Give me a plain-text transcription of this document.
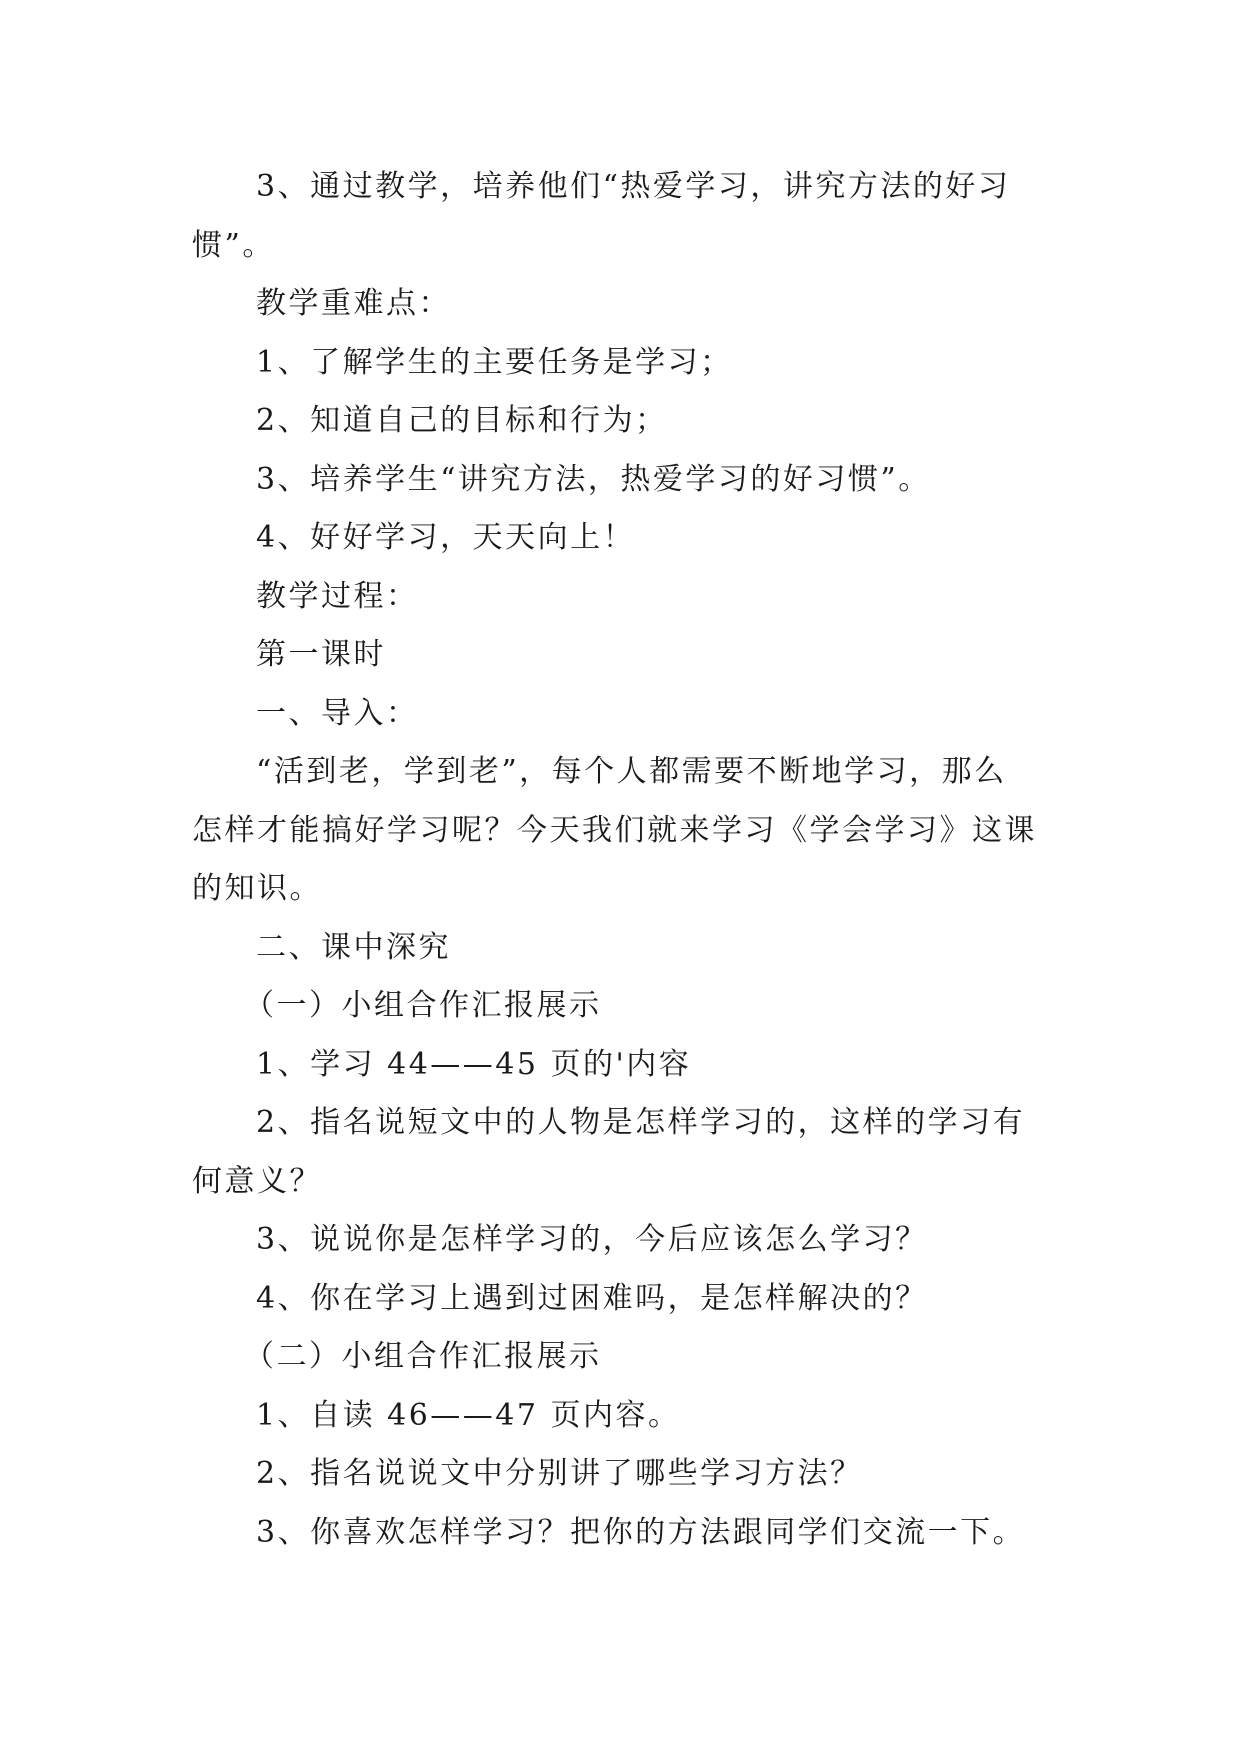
3、通过教学，培养他们“热爱学习，讲究方法的好习
惯”。
教学重难点：
1、了解学生的主要任务是学习；
2、知道自己的目标和行为；
3、培养学生“讲究方法，热爱学习的好习惯”。
4、好好学习，天天向上！
教学过程：
第一课时
一、导入：
“活到老，学到老”，每个人都需要不断地学习，那么
怎样才能搞好学习呢？今天我们就来学习《学会学习》这课
的知识。
二、课中深究
（一）小组合作汇报展示
1、学习 44——45 页的'内容
2、指名说短文中的人物是怎样学习的，这样的学习有
何意义？
3、说说你是怎样学习的，今后应该怎么学习？
4、你在学习上遇到过困难吗，是怎样解决的？
（二）小组合作汇报展示
1、自读 46——47 页内容。
2、指名说说文中分别讲了哪些学习方法？
3、你喜欢怎样学习？把你的方法跟同学们交流一下。
